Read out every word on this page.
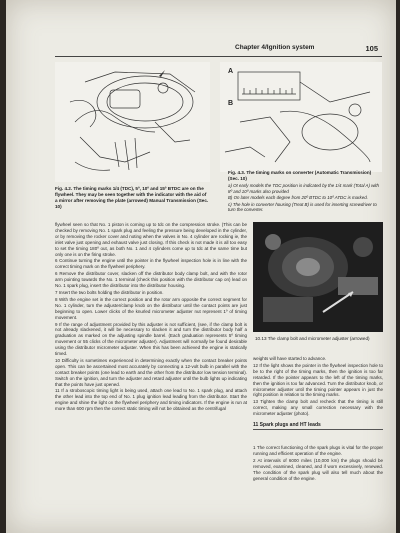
Chapter 4/Ignition system	105
Fig. 4.2. The timing marks 1/4 (TDC), 5º, 10º and 15º BTDC are on the flywheel. They may be seen together with the indicator with the aid of a mirror after removing the plate (arrowed) Manual Transmission (Sec. 10)
A
B
Fig. 4.3. The timing marks on converter (Automatic Transmission) (Sec. 10)
a) Ot early models the TDC position is indicated by the 1/4 mark (Total A) with 8º and 10º marks also provided
B) On later models each degree from 20º BTDC to 10º ATDC is marked.
c) The hole in converter housing (Treat B) is used for inserting screwdriver to turn the converter.

flywheel seen so that No. 1 piston is coming up to tdc on the compression stroke. (This can be checked by removing No. 1 spark plug and feeling the pressure being developed in the cylinder, or by removing the rocker cover and noting when the valves in No. 4 cylinder are rocking ie, the inlet valve just opening and exhaust valve just closing. If this check is not made it is all too easy to set the timing 180º out, as both No. 1 and 4 cylinders come up to tdc at the same time but only one is on the firing stroke.

6 Continue turning the engine until the pointer in the flywheel inspection hole is in line with the correct timing mark on the flywheel periphery.

6 Remove the distributor cover, slacken off the distributor body clamp bolt, and with the rotor arm pointing towards the No. 1 terminal (check this position with the distributor cap on) lead on No. 1 spark plug, insert the distributor into the distributor housing.

7 Insert the two bolts holding the distributor in position.

8 With the engine set in the correct position and the rotor arm opposite the correct segment for No. 1 cylinder, turn the adjuster/clamp knob on the distributor until the contact points are just beginning to open. Lower clicks of the knurled micrometer adjuster nut represent 1º of timing movement.

9 If the range of adjustment provided by this adjuster is not sufficient, (see, if the clamp bolt is not already slackened, it will be necessary to slacken it and turn the distributor body half a graduation as marked on the adjusting spindle barrel. (Each graduation represents 5º timing movement or 55 clicks of the micrometer adjuster). Adjustment will normally be found desirable using the distributor micrometer adjuster. When this has been achieved the engine is statically timed.

10 Difficulty is sometimes experienced in determining exactly when the contact breaker points open. This can be ascertained most accurately by connecting a 12-volt bulb in parallel with the contact breaker points (one lead to earth and the other from the distributor low tension terminal). Switch on the ignition, and turn the adjuster and retard adjuster until the bulb lights up indicating that the points have just opened.

11 If a stroboscopic timing light is being used, attach one lead to No. 1 spark plug, and attach the other lead into the top end of No. 1 plug ignition lead leading from the distributor. Start the engine and shine the light on the flywheel periphery and timing indicators. If the engine is run at more than 600 rpm then the correct static timing will not be obtained as the centrifugal

10.13 The clamp bolt and micrometer adjuster (arrowed)

weights will have started to advance.

12 If the light shows the pointer in the flywheel inspection hole to be to the right of the timing marks, then the ignition is too far retarded. If the pointer appears to the left of the timing marks, then the ignition is too far advanced. Turn the distributor knob, or micrometer adjuster until the timing pointer appears in just the right position in relation to the timing marks.

13 Tighten the clamp bolt and recheck that the timing is still correct, making any small correction necessary with the micrometer adjuster (photo).

11 Spark plugs and HT leads

1 The correct functioning of the spark plugs is vital for the proper running and efficient operation of the engine.

2 At intervals of 6000 miles (10,000 km) the plugs should be removed, examined, cleaned, and if worn excessively, renewed. The condition of the spark plug will also tell much about the general condition of the engine.
